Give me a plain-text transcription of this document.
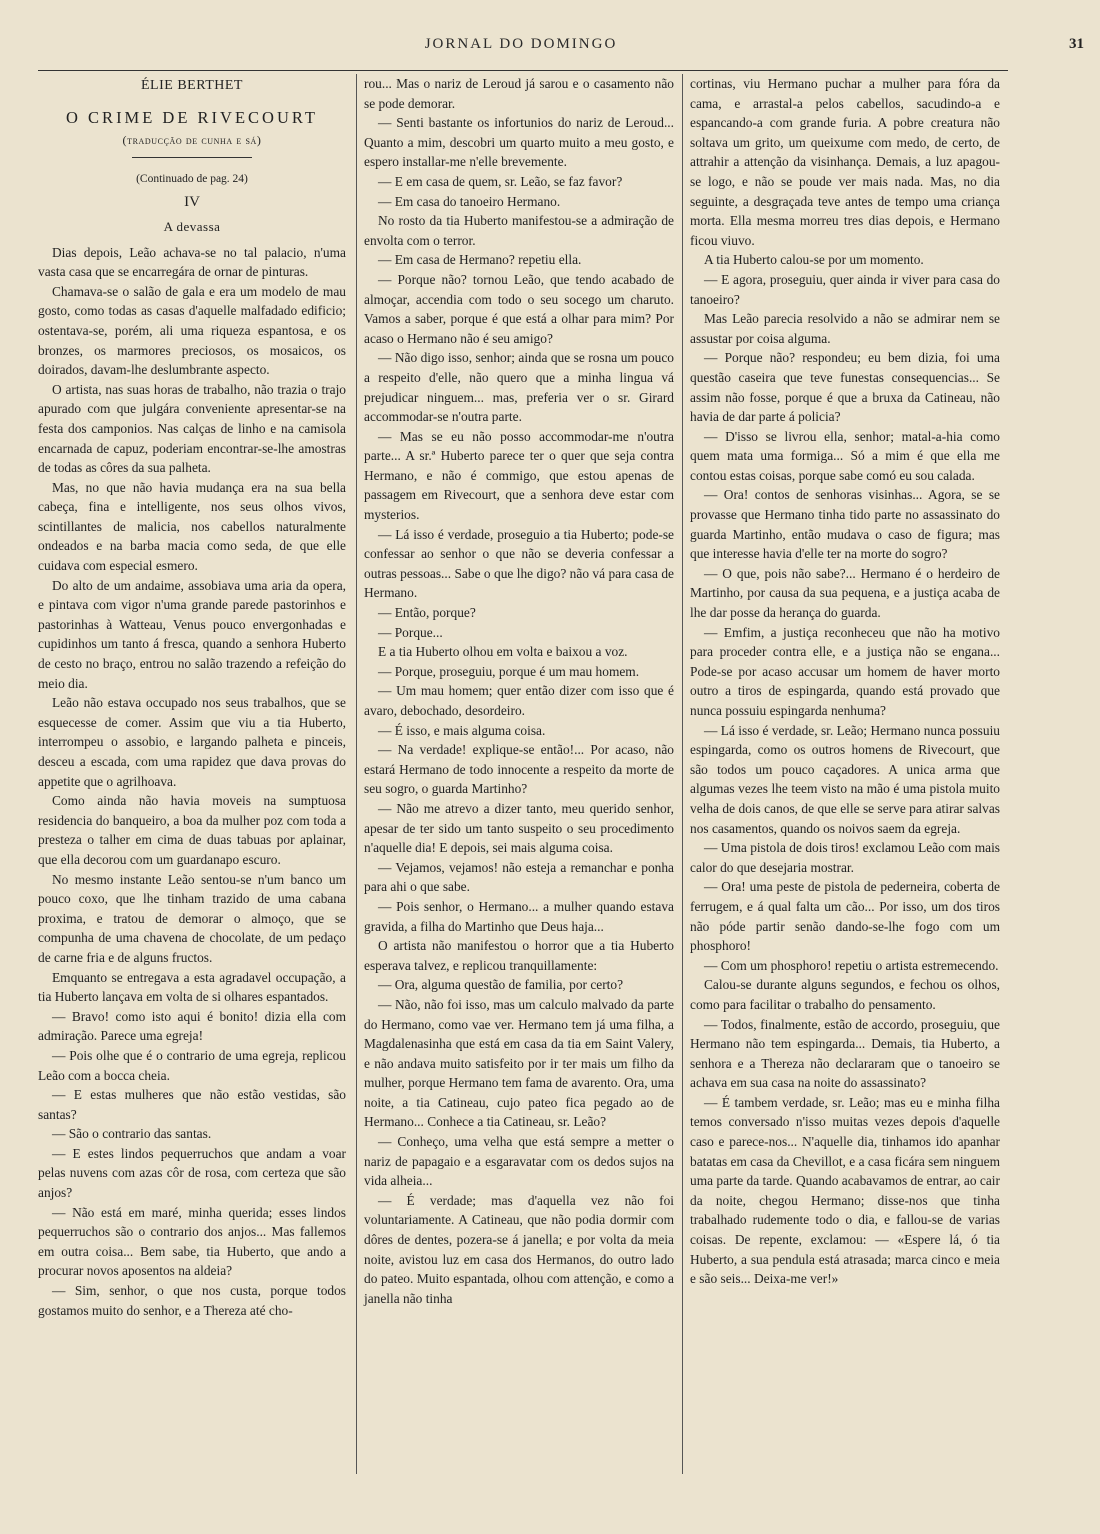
JORNAL DO DOMINGO	31
ÉLIE BERTHET
O CRIME DE RIVECOURT
(traducção de cunha e sá)
(Continuado de pag. 24)
IV
A devassa

Dias depois, Leão achava-se no tal palacio, n'uma vasta casa que se encarregára de ornar de pinturas.

Chamava-se o salão de gala e era um modelo de mau gosto, como todas as casas d'aquelle malfadado edificio; ostentava-se, porém, ali uma riqueza espantosa, e os bronzes, os marmores preciosos, os mosaicos, os doirados, davam-lhe deslumbrante aspecto.

O artista, nas suas horas de trabalho, não trazia o trajo apurado com que julgára conveniente apresentar-se na festa dos camponios. Nas calças de linho e na camisola encarnada de capuz, poderiam encontrar-se-lhe amostras de todas as côres da sua palheta.

Mas, no que não havia mudança era na sua bella cabeça, fina e intelligente, nos seus olhos vivos, scintillantes de malicia, nos cabellos naturalmente ondeados e na barba macia como seda, de que elle cuidava com especial esmero.

Do alto de um andaime, assobiava uma aria da opera, e pintava com vigor n'uma grande parede pastorinhos e pastorinhas à Watteau, Venus pouco envergonhadas e cupidinhos um tanto á fresca, quando a senhora Huberto de cesto no braço, entrou no salão trazendo a refeição do meio dia.

Leão não estava occupado nos seus trabalhos, que se esquecesse de comer. Assim que viu a tia Huberto, interrompeu o assobio, e largando palheta e pinceis, desceu a escada, com uma rapidez que dava provas do appetite que o agrilhoava.

Como ainda não havia moveis na sumptuosa residencia do banqueiro, a boa da mulher poz com toda a presteza o talher em cima de duas tabuas por aplainar, que ella decorou com um guardanapo escuro.

No mesmo instante Leão sentou-se n'um banco um pouco coxo, que lhe tinham trazido de uma cabana proxima, e tratou de demorar o almoço, que se compunha de uma chavena de chocolate, de um pedaço de carne fria e de alguns fructos.

Emquanto se entregava a esta agradavel occupação, a tia Huberto lançava em volta de si olhares espantados.

— Bravo! como isto aqui é bonito! dizia ella com admiração. Parece uma egreja!

— Pois olhe que é o contrario de uma egreja, replicou Leão com a bocca cheia.

— E estas mulheres que não estão vestidas, são santas?

— São o contrario das santas.

— E estes lindos pequerruchos que andam a voar pelas nuvens com azas côr de rosa, com certeza que são anjos?

— Não está em maré, minha querida; esses lindos pequerruchos são o contrario dos anjos... Mas fallemos em outra coisa... Bem sabe, tia Huberto, que ando a procurar novos aposentos na aldeia?

— Sim, senhor, o que nos custa, porque todos gostamos muito do senhor, e a Thereza até cho-

rou... Mas o nariz de Leroud já sarou e o casamento não se pode demorar.

— Senti bastante os infortunios do nariz de Leroud... Quanto a mim, descobri um quarto muito a meu gosto, e espero installar-me n'elle brevemente.

— E em casa de quem, sr. Leão, se faz favor?

— Em casa do tanoeiro Hermano.

No rosto da tia Huberto manifestou-se a admiração de envolta com o terror.

— Em casa de Hermano? repetiu ella.

— Porque não? tornou Leão, que tendo acabado de almoçar, accendia com todo o seu socego um charuto. Vamos a saber, porque é que está a olhar para mim? Por acaso o Hermano não é seu amigo?

— Não digo isso, senhor; ainda que se rosna um pouco a respeito d'elle, não quero que a minha lingua vá prejudicar ninguem... mas, preferia ver o sr. Girard accommodar-se n'outra parte.

— Mas se eu não posso accommodar-me n'outra parte... A sr.ª Huberto parece ter o quer que seja contra Hermano, e não é commigo, que estou apenas de passagem em Rivecourt, que a senhora deve estar com mysterios.

— Lá isso é verdade, proseguio a tia Huberto; pode-se confessar ao senhor o que não se deveria confessar a outras pessoas... Sabe o que lhe digo? não vá para casa de Hermano.

— Então, porque?

— Porque...

E a tia Huberto olhou em volta e baixou a voz.

— Porque, proseguiu, porque é um mau homem.

— Um mau homem; quer então dizer com isso que é avaro, debochado, desordeiro.

— É isso, e mais alguma coisa.

— Na verdade! explique-se então!... Por acaso, não estará Hermano de todo innocente a respeito da morte de seu sogro, o guarda Martinho?

— Não me atrevo a dizer tanto, meu querido senhor, apesar de ter sido um tanto suspeito o seu procedimento n'aquelle dia! E depois, sei mais alguma coisa.

— Vejamos, vejamos! não esteja a remanchar e ponha para ahi o que sabe.

— Pois senhor, o Hermano... a mulher quando estava gravida, a filha do Martinho que Deus haja...

O artista não manifestou o horror que a tia Huberto esperava talvez, e replicou tranquillamente:

— Ora, alguma questão de familia, por certo?

— Não, não foi isso, mas um calculo malvado da parte do Hermano, como vae ver. Hermano tem já uma filha, a Magdalenasinha que está em casa da tia em Saint Valery, e não andava muito satisfeito por ir ter mais um filho da mulher, porque Hermano tem fama de avarento. Ora, uma noite, a tia Catineau, cujo pateo fica pegado ao de Hermano... Conhece a tia Catineau, sr. Leão?

— Conheço, uma velha que está sempre a metter o nariz de papagaio e a esgaravatar com os dedos sujos na vida alheia...

— É verdade; mas d'aquella vez não foi voluntariamente. A Catineau, que não podia dormir com dôres de dentes, pozera-se á janella; e por volta da meia noite, avistou luz em casa dos Hermanos, do outro lado do pateo. Muito espantada, olhou com attenção, e como a janella não tinha

cortinas, viu Hermano puchar a mulher para fóra da cama, e arrastal-a pelos cabellos, sacudindo-a e espancando-a com grande furia. A pobre creatura não soltava um grito, um queixume com medo, de certo, de attrahir a attenção da visinhança. Demais, a luz apagou-se logo, e não se poude ver mais nada. Mas, no dia seguinte, a desgraçada teve antes de tempo uma criança morta. Ella mesma morreu tres dias depois, e Hermano ficou viuvo.

A tia Huberto calou-se por um momento.

— E agora, proseguiu, quer ainda ir viver para casa do tanoeiro?

Mas Leão parecia resolvido a não se admirar nem se assustar por coisa alguma.

— Porque não? respondeu; eu bem dizia, foi uma questão caseira que teve funestas consequencias... Se assim não fosse, porque é que a bruxa da Catineau, não havia de dar parte á policia?

— D'isso se livrou ella, senhor; matal-a-hia como quem mata uma formiga... Só a mim é que ella me contou estas coisas, porque sabe comó eu sou calada.

— Ora! contos de senhoras visinhas... Agora, se se provasse que Hermano tinha tido parte no assassinato do guarda Martinho, então mudava o caso de figura; mas que interesse havia d'elle ter na morte do sogro?

— O que, pois não sabe?... Hermano é o herdeiro de Martinho, por causa da sua pequena, e a justiça acaba de lhe dar posse da herança do guarda.

— Emfim, a justiça reconheceu que não ha motivo para proceder contra elle, e a justiça não se engana... Pode-se por acaso accusar um homem de haver morto outro a tiros de espingarda, quando está provado que nunca possuiu espingarda nenhuma?

— Lá isso é verdade, sr. Leão; Hermano nunca possuiu espingarda, como os outros homens de Rivecourt, que são todos um pouco caçadores. A unica arma que algumas vezes lhe teem visto na mão é uma pistola muito velha de dois canos, de que elle se serve para atirar salvas nos casamentos, quando os noivos saem da egreja.

— Uma pistola de dois tiros! exclamou Leão com mais calor do que desejaria mostrar.

— Ora! uma peste de pistola de pederneira, coberta de ferrugem, e á qual falta um cão... Por isso, um dos tiros não póde partir senão dando-se-lhe fogo com um phosphoro!

— Com um phosphoro! repetiu o artista estremecendo.

Calou-se durante alguns segundos, e fechou os olhos, como para facilitar o trabalho do pensamento.

— Todos, finalmente, estão de accordo, proseguiu, que Hermano não tem espingarda... Demais, tia Huberto, a senhora e a Thereza não declararam que o tanoeiro se achava em sua casa na noite do assassinato?

— É tambem verdade, sr. Leão; mas eu e minha filha temos conversado n'isso muitas vezes depois d'aquelle caso e parece-nos... N'aquelle dia, tinhamos ido apanhar batatas em casa da Chevillot, e a casa ficára sem ninguem uma parte da tarde. Quando acabavamos de entrar, ao cair da noite, chegou Hermano; disse-nos que tinha trabalhado rudemente todo o dia, e fallou-se de varias coisas. De repente, exclamou: — «Espere lá, ó tia Huberto, a sua pendula está atrasada; marca cinco e meia e são seis... Deixa-me ver!»
